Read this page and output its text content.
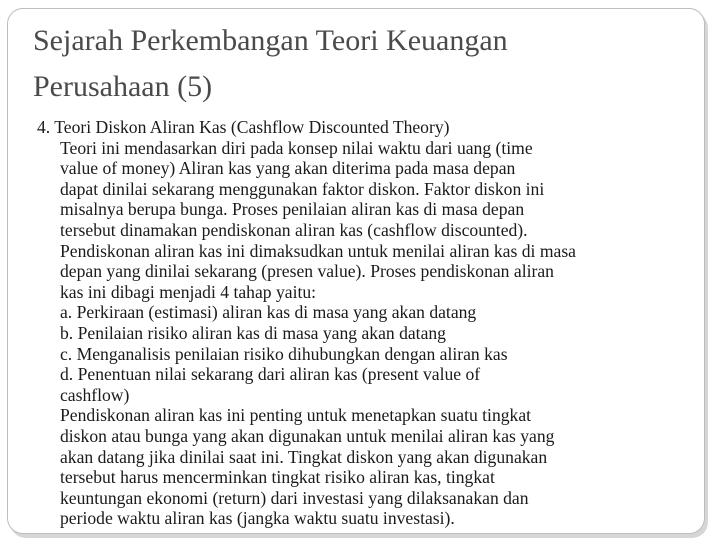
Sejarah Perkembangan Teori Keuangan
Perusahaan (5)
4. Teori Diskon Aliran Kas (Cashflow Discounted Theory)
Teori ini mendasarkan diri pada konsep nilai waktu dari uang (time
value of money) Aliran kas yang akan diterima pada masa depan
dapat dinilai sekarang menggunakan faktor diskon. Faktor diskon ini
misalnya berupa bunga. Proses penilaian aliran kas di masa depan
tersebut dinamakan pendiskonan aliran kas (cashflow discounted).
Pendiskonan aliran kas ini dimaksudkan untuk menilai aliran kas di masa
depan yang dinilai sekarang (presen value). Proses pendiskonan aliran
kas ini dibagi menjadi 4 tahap yaitu:
a. Perkiraan (estimasi) aliran kas di masa yang akan datang
b. Penilaian risiko aliran kas di masa yang akan datang
c. Menganalisis penilaian risiko dihubungkan dengan aliran kas
d. Penentuan nilai sekarang dari aliran kas (present value of
cashflow)
Pendiskonan aliran kas ini penting untuk menetapkan suatu tingkat
diskon atau bunga yang akan digunakan untuk menilai aliran kas yang
akan datang jika dinilai saat ini. Tingkat diskon yang akan digunakan
tersebut harus mencerminkan tingkat risiko aliran kas, tingkat
keuntungan ekonomi (return) dari investasi yang dilaksanakan dan
periode waktu aliran kas (jangka waktu suatu investasi).
